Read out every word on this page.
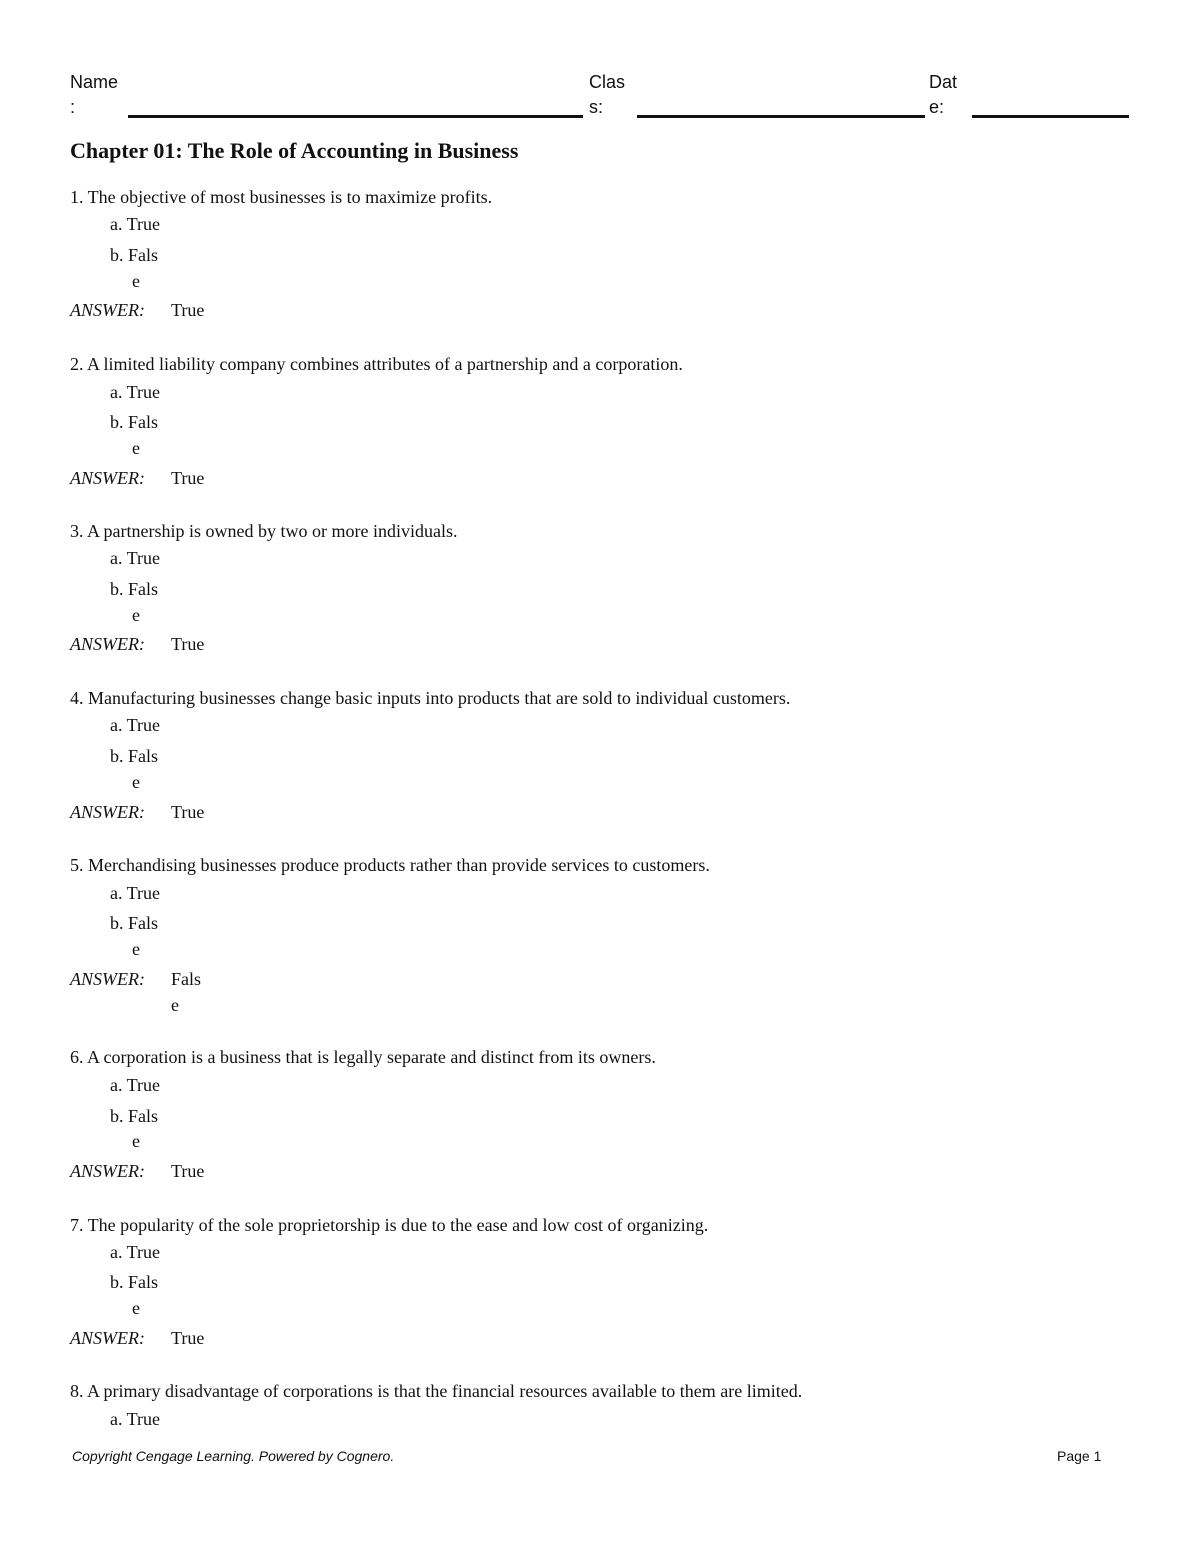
Name
:
Clas
s:
Dat
e:
Chapter 01: The Role of Accounting in Business

1. The objective of most businesses is to maximize profits.

a. True
b. Fals
e
ANSWER: True

2. A limited liability company combines attributes of a partnership and a corporation.

a. True
b. Fals
e
ANSWER: True

3. A partnership is owned by two or more individuals.

a. True
b. Fals
e
ANSWER: True

4. Manufacturing businesses change basic inputs into products that are sold to individual customers.

a. True
b. Fals
e
ANSWER: True

5. Merchandising businesses produce products rather than provide services to customers.

a. True
b. Fals
e
ANSWER: Fals
e

6. A corporation is a business that is legally separate and distinct from its owners.

a. True
b. Fals
e
ANSWER: True

7. The popularity of the sole proprietorship is due to the ease and low cost of organizing.

a. True
b. Fals
e
ANSWER: True

8. A primary disadvantage of corporations is that the financial resources available to them are limited.

a. True
Copyright Cengage Learning. Powered by Cognero.	Page 1
